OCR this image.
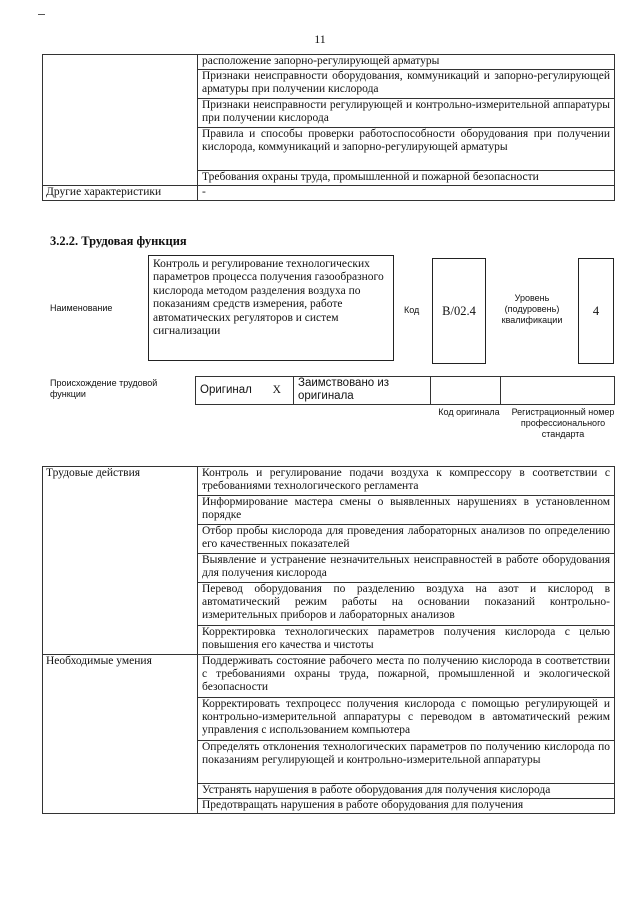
11
	расположение запорно-регулирующей арматуры
	Признаки неисправности оборудования, коммуникаций и запорно-регулирующей арматуры при получении кислорода
	Признаки неисправности регулирующей и контрольно-измерительной аппаратуры при получении кислорода
	Правила и способы проверки работоспособности оборудования при получении кислорода, коммуникаций и запорно-регулирующей арматуры
	Требования охраны труда, промышленной и пожарной безопасности
Другие характеристики	-
3.2.2. Трудовая функция
Наименование
Контроль и регулирование технологических параметров процесса получения газообразного кислорода методом разделения воздуха по показаниям средств измерения, работе автоматических регуляторов и систем сигнализации
Код	В/02.4
Уровень (подуровень) квалификации
4
Происхождение трудовой функции	Оригинал	X	Заимствовано из оригинала		
Код оригинала	Регистрационный номер профессионального стандарта
Трудовые действия	Контроль и регулирование подачи воздуха к компрессору в соответствии с требованиями технологического регламента
	Информирование мастера смены о выявленных нарушениях в установленном порядке
	Отбор пробы кислорода для проведения лабораторных анализов по определению его качественных показателей
	Выявление и устранение незначительных неисправностей в работе оборудования для получения кислорода
	Перевод оборудования по разделению воздуха на азот и кислород в автоматический режим работы на основании показаний контрольно-измерительных приборов и лабораторных анализов
	Корректировка технологических параметров получения кислорода с целью повышения его качества и чистоты
Необходимые умения	Поддерживать состояние рабочего места по получению кислорода в соответствии с требованиями охраны труда, пожарной, промышленной и экологической безопасности
	Корректировать техпроцесс получения кислорода с помощью регулирующей и контрольно-измерительной аппаратуры с переводом в автоматический режим управления с использованием компьютера
	Определять отклонения технологических параметров по получению кислорода по показаниям регулирующей и контрольно-измерительной аппаратуры
	Устранять нарушения в работе оборудования для получения кислорода
	Предотвращать нарушения в работе оборудования для получения
